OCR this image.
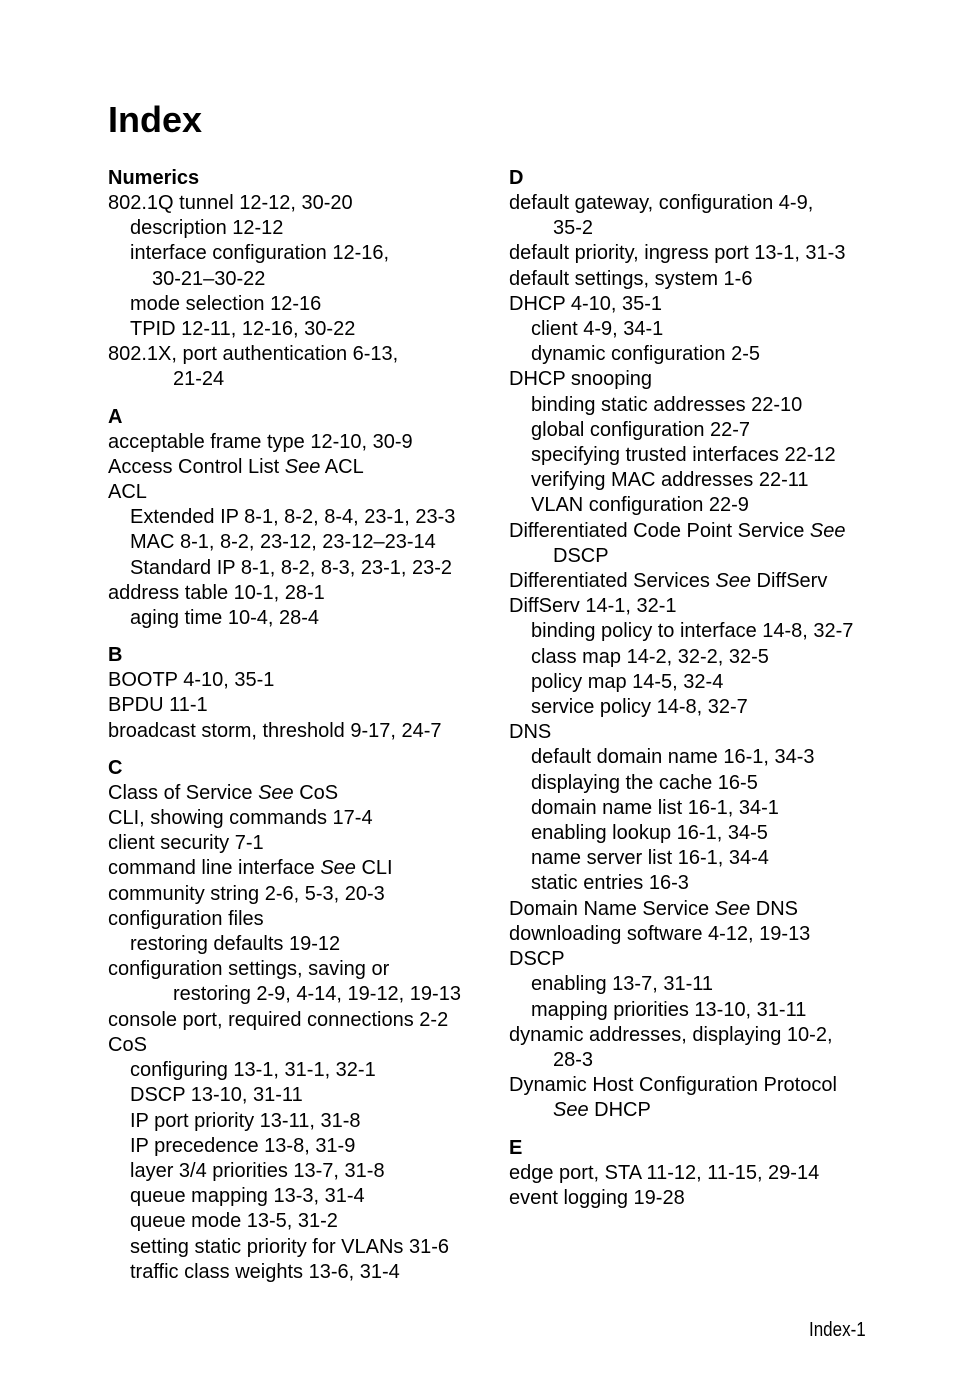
Index
Numerics
802.1Q tunnel 12-12, 30-20
description 12-12
interface configuration 12-16,
30-21–30-22
mode selection 12-16
TPID 12-11, 12-16, 30-22
802.1X, port authentication 6-13,
21-24
A
acceptable frame type 12-10, 30-9
Access Control List See ACL
ACL
Extended IP 8-1, 8-2, 8-4, 23-1, 23-3
MAC 8-1, 8-2, 23-12, 23-12–23-14
Standard IP 8-1, 8-2, 8-3, 23-1, 23-2
address table 10-1, 28-1
aging time 10-4, 28-4
B
BOOTP 4-10, 35-1
BPDU 11-1
broadcast storm, threshold 9-17, 24-7
C
Class of Service See CoS
CLI, showing commands 17-4
client security 7-1
command line interface See CLI
community string 2-6, 5-3, 20-3
configuration files
restoring defaults 19-12
configuration settings, saving or
restoring 2-9, 4-14, 19-12, 19-13
console port, required connections 2-2
CoS
configuring 13-1, 31-1, 32-1
DSCP 13-10, 31-11
IP port priority 13-11, 31-8
IP precedence 13-8, 31-9
layer 3/4 priorities 13-7, 31-8
queue mapping 13-3, 31-4
queue mode 13-5, 31-2
setting static priority for VLANs 31-6
traffic class weights 13-6, 31-4
D
default gateway, configuration 4-9,
35-2
default priority, ingress port 13-1, 31-3
default settings, system 1-6
DHCP 4-10, 35-1
client 4-9, 34-1
dynamic configuration 2-5
DHCP snooping
binding static addresses 22-10
global configuration 22-7
specifying trusted interfaces 22-12
verifying MAC addresses 22-11
VLAN configuration 22-9
Differentiated Code Point Service See
DSCP
Differentiated Services See DiffServ
DiffServ 14-1, 32-1
binding policy to interface 14-8, 32-7
class map 14-2, 32-2, 32-5
policy map 14-5, 32-4
service policy 14-8, 32-7
DNS
default domain name 16-1, 34-3
displaying the cache 16-5
domain name list 16-1, 34-1
enabling lookup 16-1, 34-5
name server list 16-1, 34-4
static entries 16-3
Domain Name Service See DNS
downloading software 4-12, 19-13
DSCP
enabling 13-7, 31-11
mapping priorities 13-10, 31-11
dynamic addresses, displaying 10-2,
28-3
Dynamic Host Configuration Protocol
See DHCP
E
edge port, STA 11-12, 11-15, 29-14
event logging 19-28
Index-1
